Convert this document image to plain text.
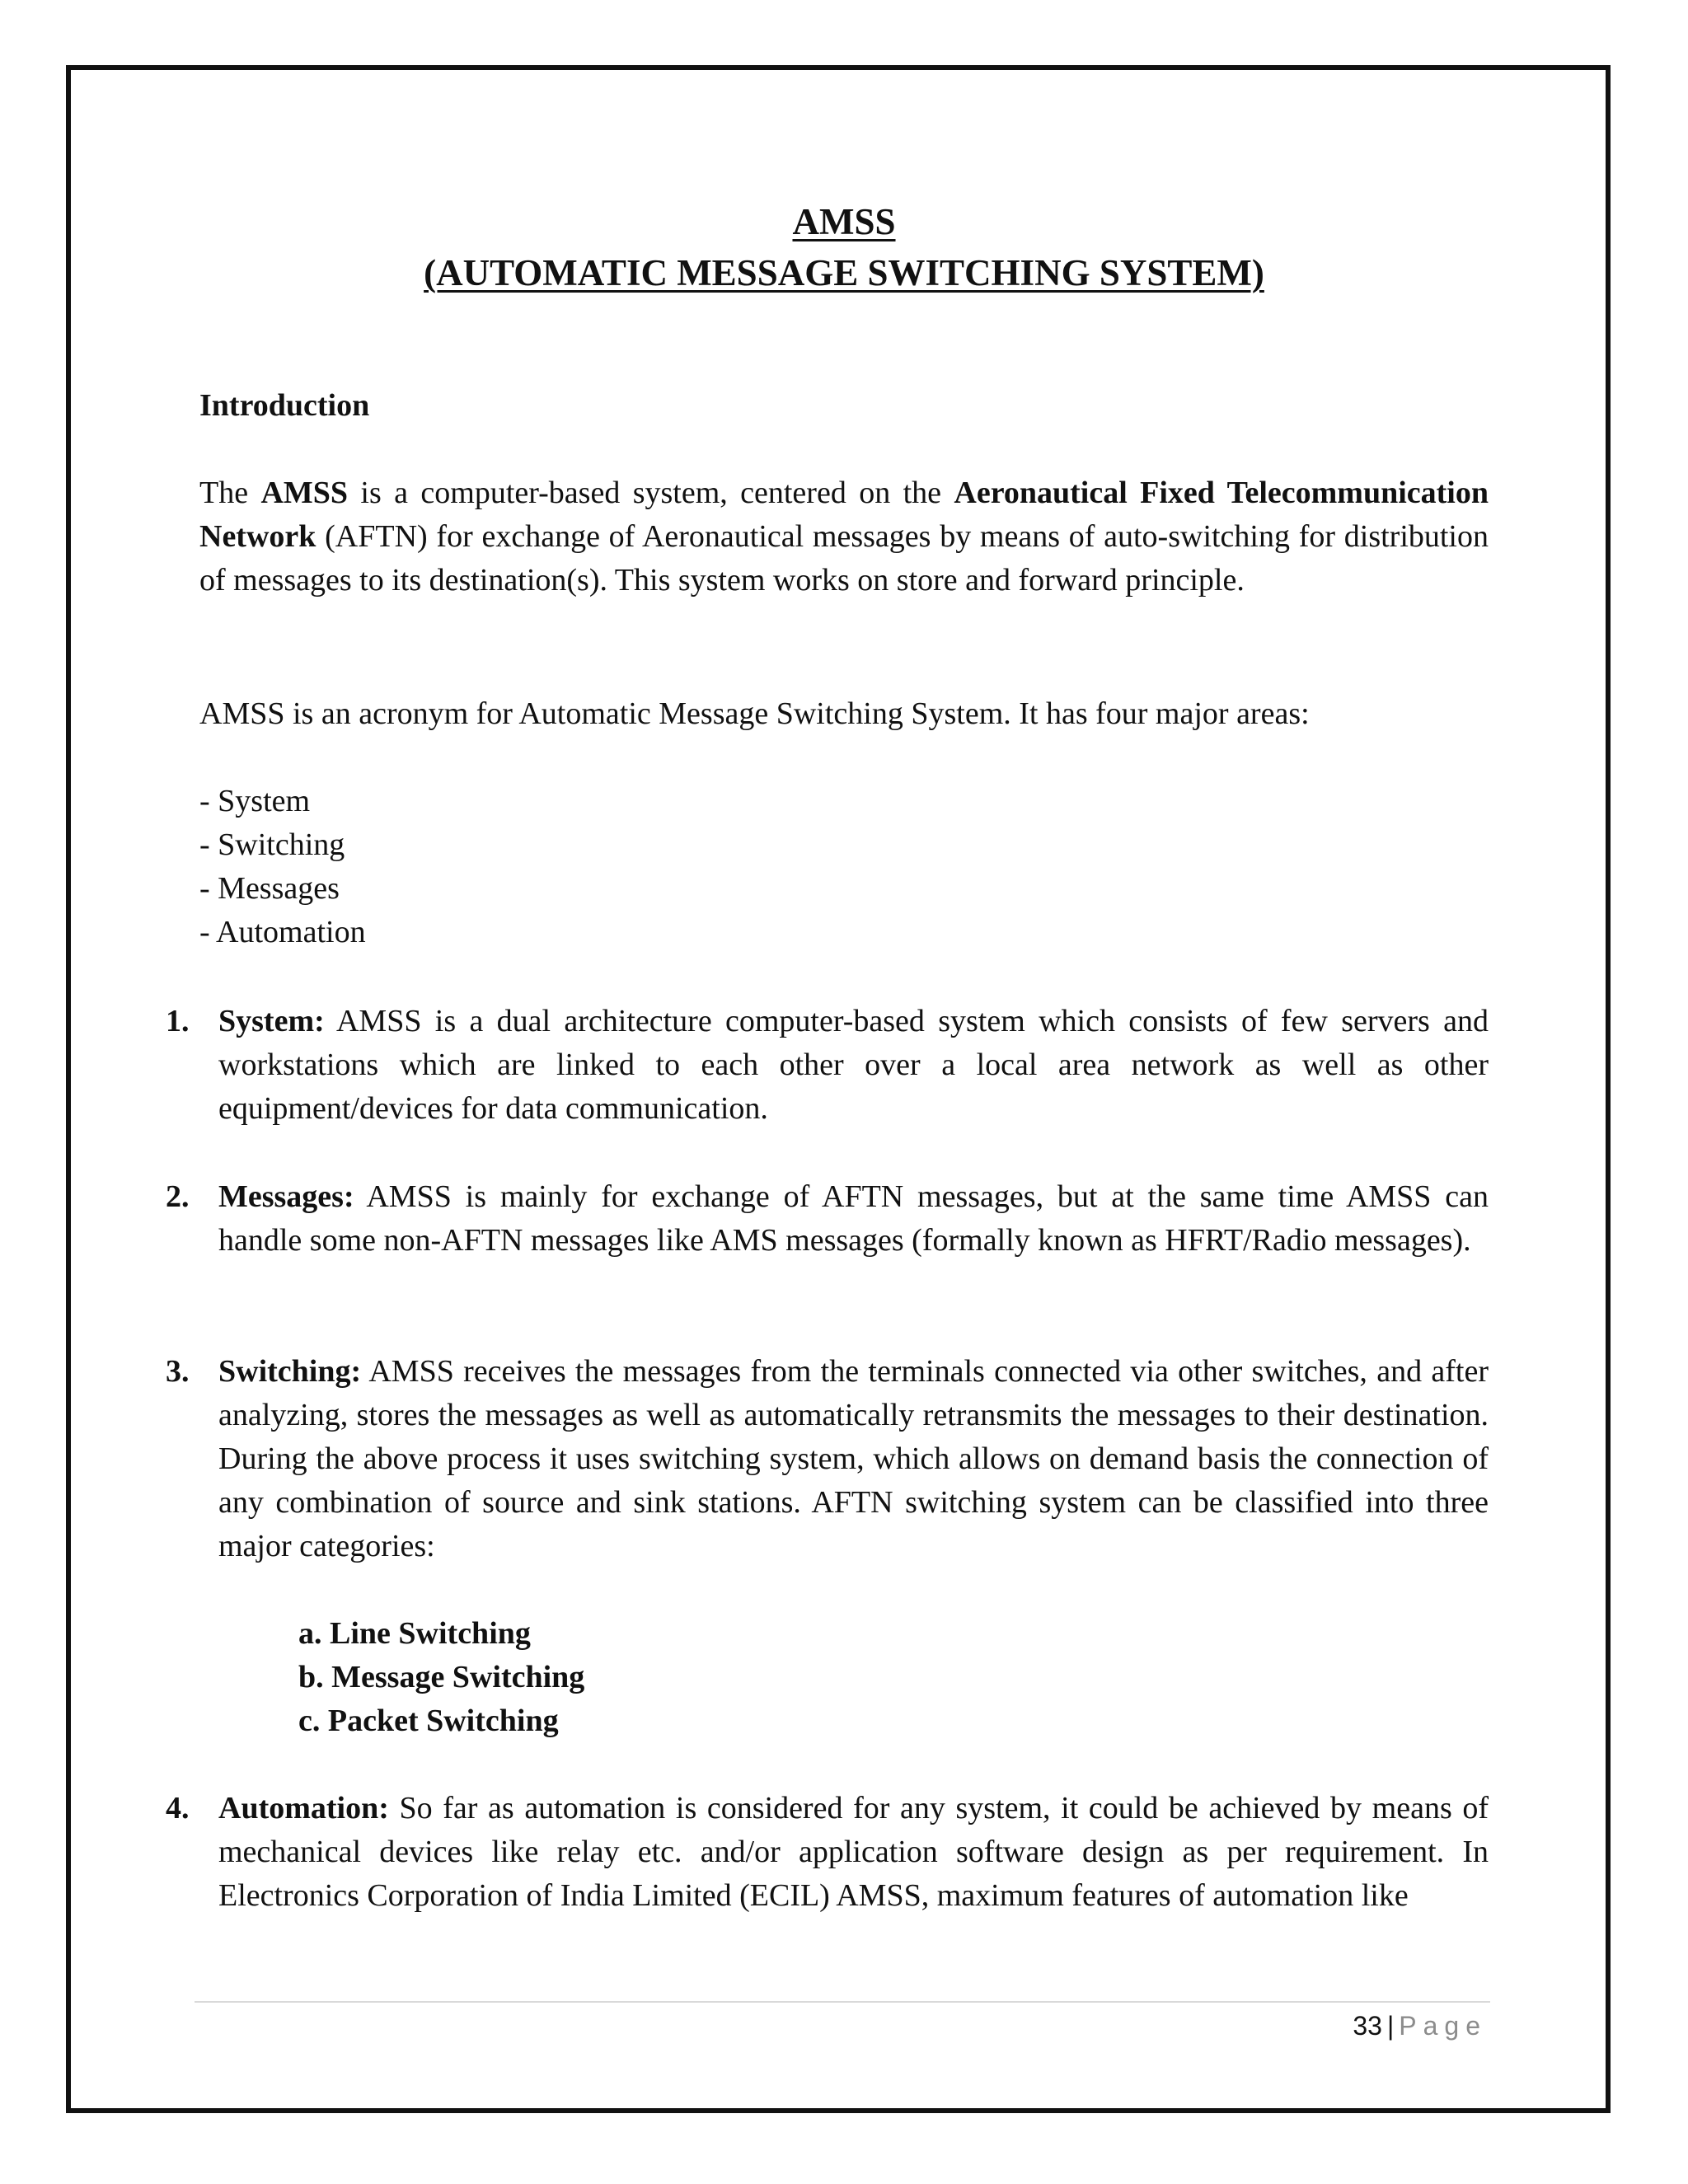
AMSS
(AUTOMATIC MESSAGE SWITCHING SYSTEM)
Introduction
The AMSS is a computer-based system, centered on the Aeronautical Fixed Telecommunication Network (AFTN) for exchange of Aeronautical messages by means of auto-switching for distribution of messages to its destination(s). This system works on store and forward principle.
AMSS is an acronym for Automatic Message Switching System. It has four major areas:
- System
- Switching
- Messages
- Automation
1. System: AMSS is a dual architecture computer-based system which consists of few servers and workstations which are linked to each other over a local area network as well as other equipment/devices for data communication.
2. Messages: AMSS is mainly for exchange of AFTN messages, but at the same time AMSS can handle some non-AFTN messages like AMS messages (formally known as HFRT/Radio messages).
3. Switching: AMSS receives the messages from the terminals connected via other switches, and after analyzing, stores the messages as well as automatically retransmits the messages to their destination. During the above process it uses switching system, which allows on demand basis the connection of any combination of source and sink stations. AFTN switching system can be classified into three major categories:
a. Line Switching
b. Message Switching
c. Packet Switching
4. Automation: So far as automation is considered for any system, it could be achieved by means of mechanical devices like relay etc. and/or application software design as per requirement. In Electronics Corporation of India Limited (ECIL) AMSS, maximum features of automation like
33 | Page
